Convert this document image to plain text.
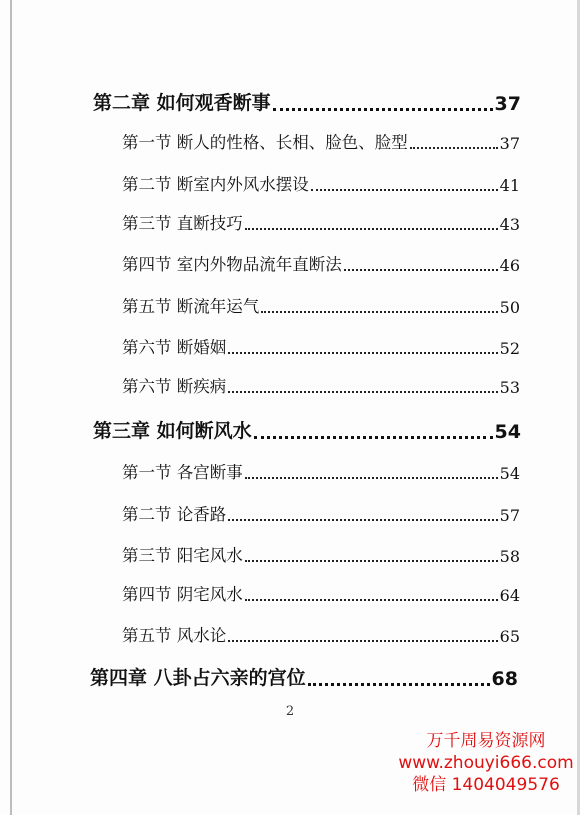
第二章 如何观香断事	37
第一节 断人的性格、长相、脸色、脸型	37
第二节 断室内外风水摆设	41
第三节 直断技巧	43
第四节 室内外物品流年直断法	46
第五节 断流年运气	50
第六节 断婚姻	52
第六节 断疾病	53
第三章 如何断风水	54
第一节 各宫断事	54
第二节 论香路	57
第三节 阳宅风水	58
第四节 阴宅风水	64
第五节 风水论	65
第四章 八卦占六亲的宫位	68
2
万千周易资源网
www.zhouyi666.com
微信 1404049576
